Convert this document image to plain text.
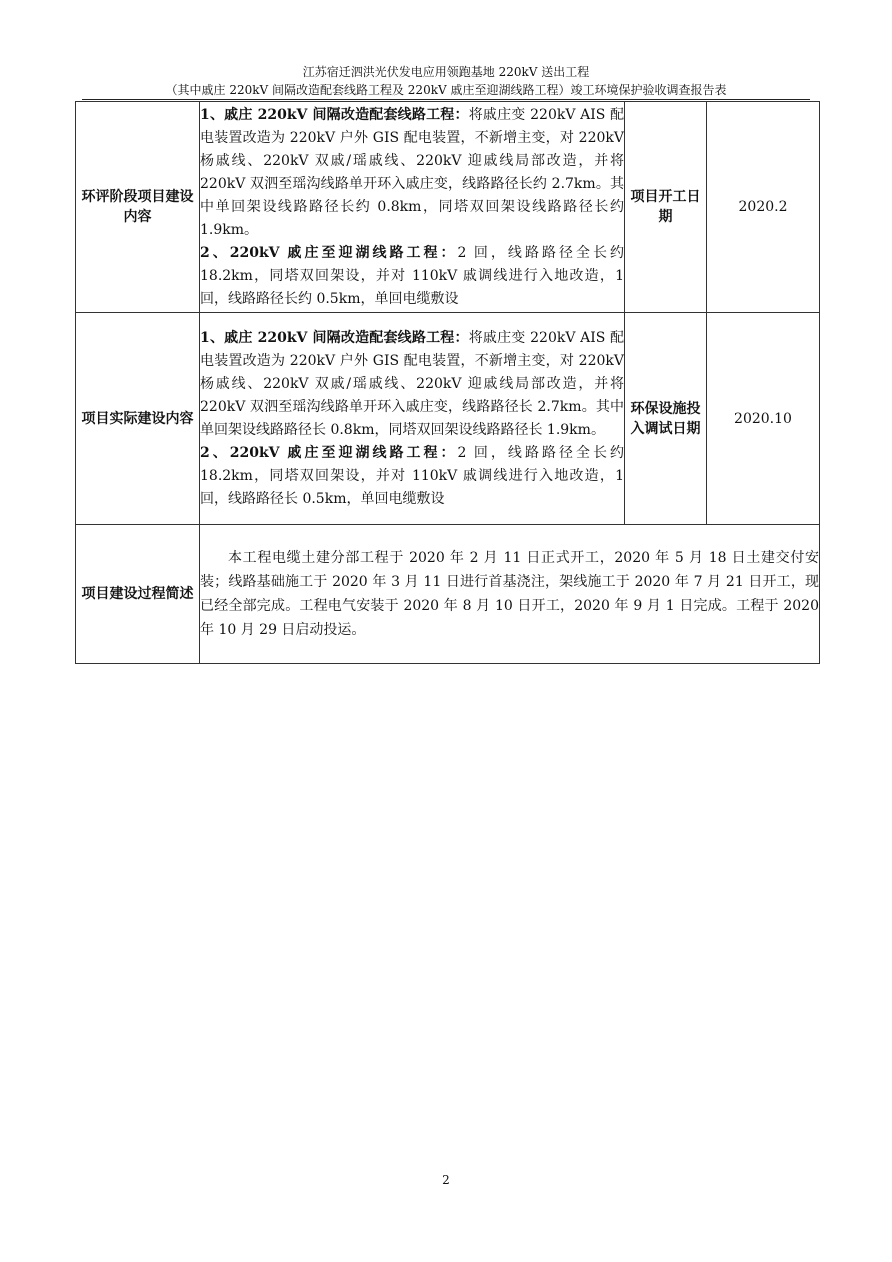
江苏宿迁泗洪光伏发电应用领跑基地 220kV 送出工程
（其中戚庄 220kV 间隔改造配套线路工程及 220kV 戚庄至迎湖线路工程）竣工环境保护验收调查报告表
环评阶段项目建设内容	1、戚庄 220kV 间隔改造配套线路工程：将戚庄变 220kV AIS 配电装置改造为 220kV 户外 GIS 配电装置，不新增主变，对 220kV 杨戚线、220kV 双戚/瑶戚线、220kV 迎戚线局部改造，并将 220kV 双泗至瑶沟线路单开环入戚庄变，线路路径长约 2.7km。其中单回架设线路路径长约 0.8km，同塔双回架设线路路径长约 1.9km。
2、220kV 戚庄至迎湖线路工程：2 回，线路路径全长约 18.2km，同塔双回架设，并对 110kV 戚调线进行入地改造，1 回，线路路径长约 0.5km，单回电缆敷设	项目开工日期	2020.2
项目实际建设内容	1、戚庄 220kV 间隔改造配套线路工程：将戚庄变 220kV AIS 配电装置改造为 220kV 户外 GIS 配电装置，不新增主变，对 220kV 杨戚线、220kV 双戚/瑶戚线、220kV 迎戚线局部改造，并将 220kV 双泗至瑶沟线路单开环入戚庄变，线路路径长 2.7km。其中单回架设线路路径长 0.8km，同塔双回架设线路路径长 1.9km。
2、220kV 戚庄至迎湖线路工程：2 回，线路路径全长约 18.2km，同塔双回架设，并对 110kV 戚调线进行入地改造，1 回，线路路径长 0.5km，单回电缆敷设	环保设施投入调试日期	2020.10
项目建设过程简述	本工程电缆土建分部工程于 2020 年 2 月 11 日正式开工，2020 年 5 月 18 日土建交付安装；线路基础施工于 2020 年 3 月 11 日进行首基浇注，架线施工于 2020 年 7 月 21 日开工，现已经全部完成。工程电气安装于 2020 年 8 月 10 日开工，2020 年 9 月 1 日完成。工程于 2020 年 10 月 29 日启动投运。		
2
